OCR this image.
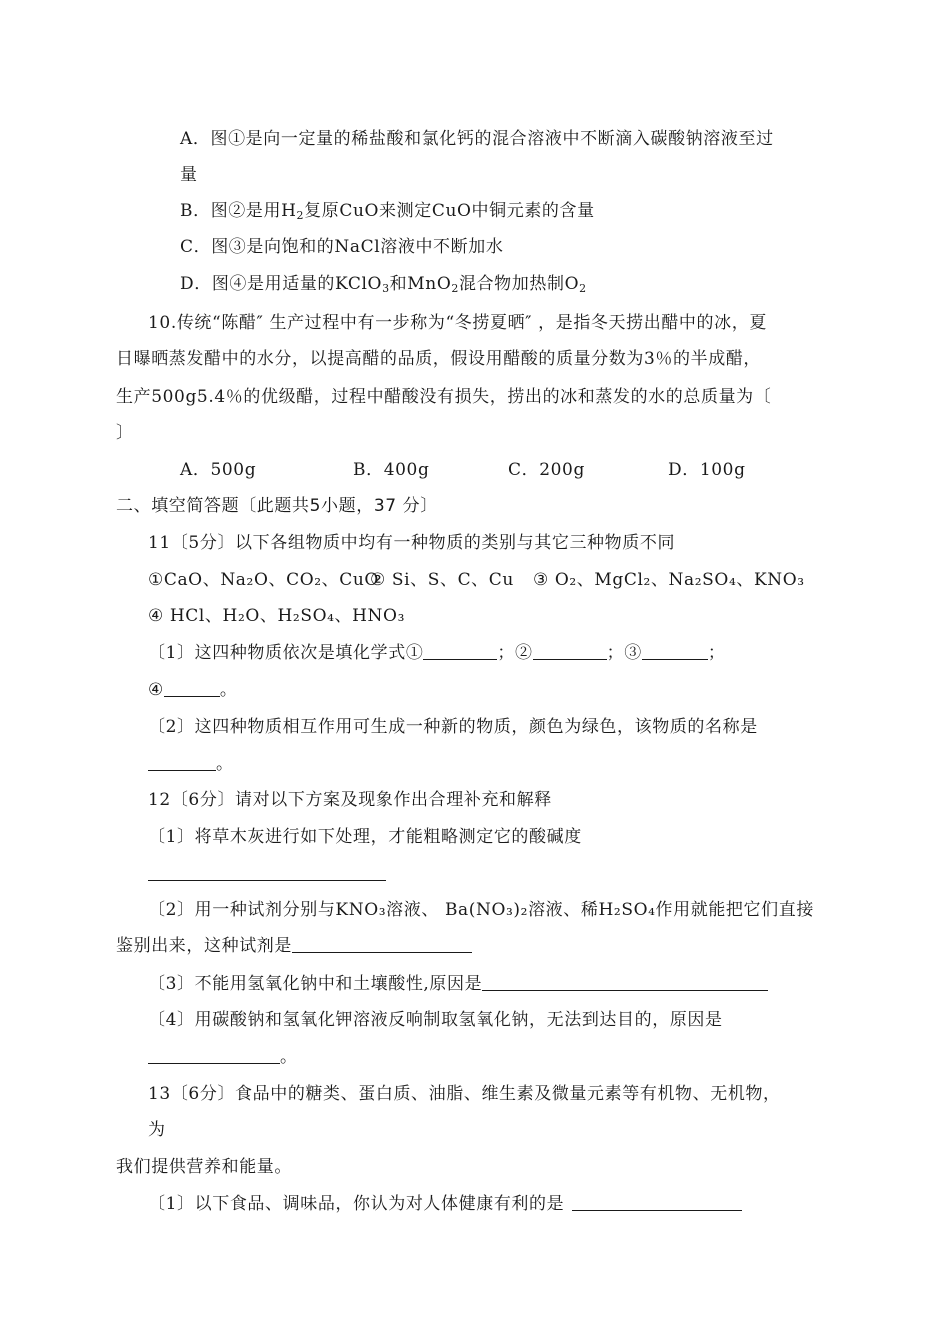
A．图①是向一定量的稀盐酸和氯化钙的混合溶液中不断滴入碳酸钠溶液至过
量
B．图②是用$H_2$复原CuO来测定CuO中铜元素的含量
C．图③是向饱和的NaCl溶液中不断加水
D．图④是用适量的KClO$_3$和MnO$_2$混合物加热制$O_2$
10.传统“陈醋″ 生产过程中有一步称为“冬捞夏晒″ ，是指冬天捞出醋中的冰，夏
日曝晒蒸发醋中的水分，以提高醋的品质，假设用醋酸的质量分数为3％的半成醋，
生产500g5.4％的优级醋，过程中醋酸没有损失，捞出的冰和蒸发的水的总质量为〔
〕
A．500g	B．400g	C．200g	D．100g
二、填空简答题〔此题共5小题，37 分〕
11〔5分〕以下各组物质中均有一种物质的类别与其它三种物质不同
①CaO、Na₂O、CO₂、CuO
② Si、S、C、Cu ③ O₂、MgCl₂、Na₂SO₄、KNO₃
④ HCl、H₂O、H₂SO₄、HNO₃
〔1〕这四种物质依次是填化学式①	；②	；③	；
④	。
〔2〕这四种物质相互作用可生成一种新的物质，颜色为绿色，该物质的名称是
。
12〔6分〕请对以下方案及现象作出合理补充和解释
〔1〕将草木灰进行如下处理，才能粗略测定它的酸碱度
〔2〕用一种试剂分别与KNO₃溶液、 Ba(NO₃)₂溶液、稀H₂SO₄作用就能把它们直接
鉴别出来，这种试剂是
〔3〕不能用氢氧化钠中和土壤酸性,原因是
〔4〕用碳酸钠和氢氧化钾溶液反响制取氢氧化钠，无法到达目的，原因是
。
13〔6分〕食品中的糖类、蛋白质、油脂、维生素及微量元素等有机物、无机物，
为
我们提供营养和能量。
〔1〕以下食品、调味品，你认为对人体健康有利的是
